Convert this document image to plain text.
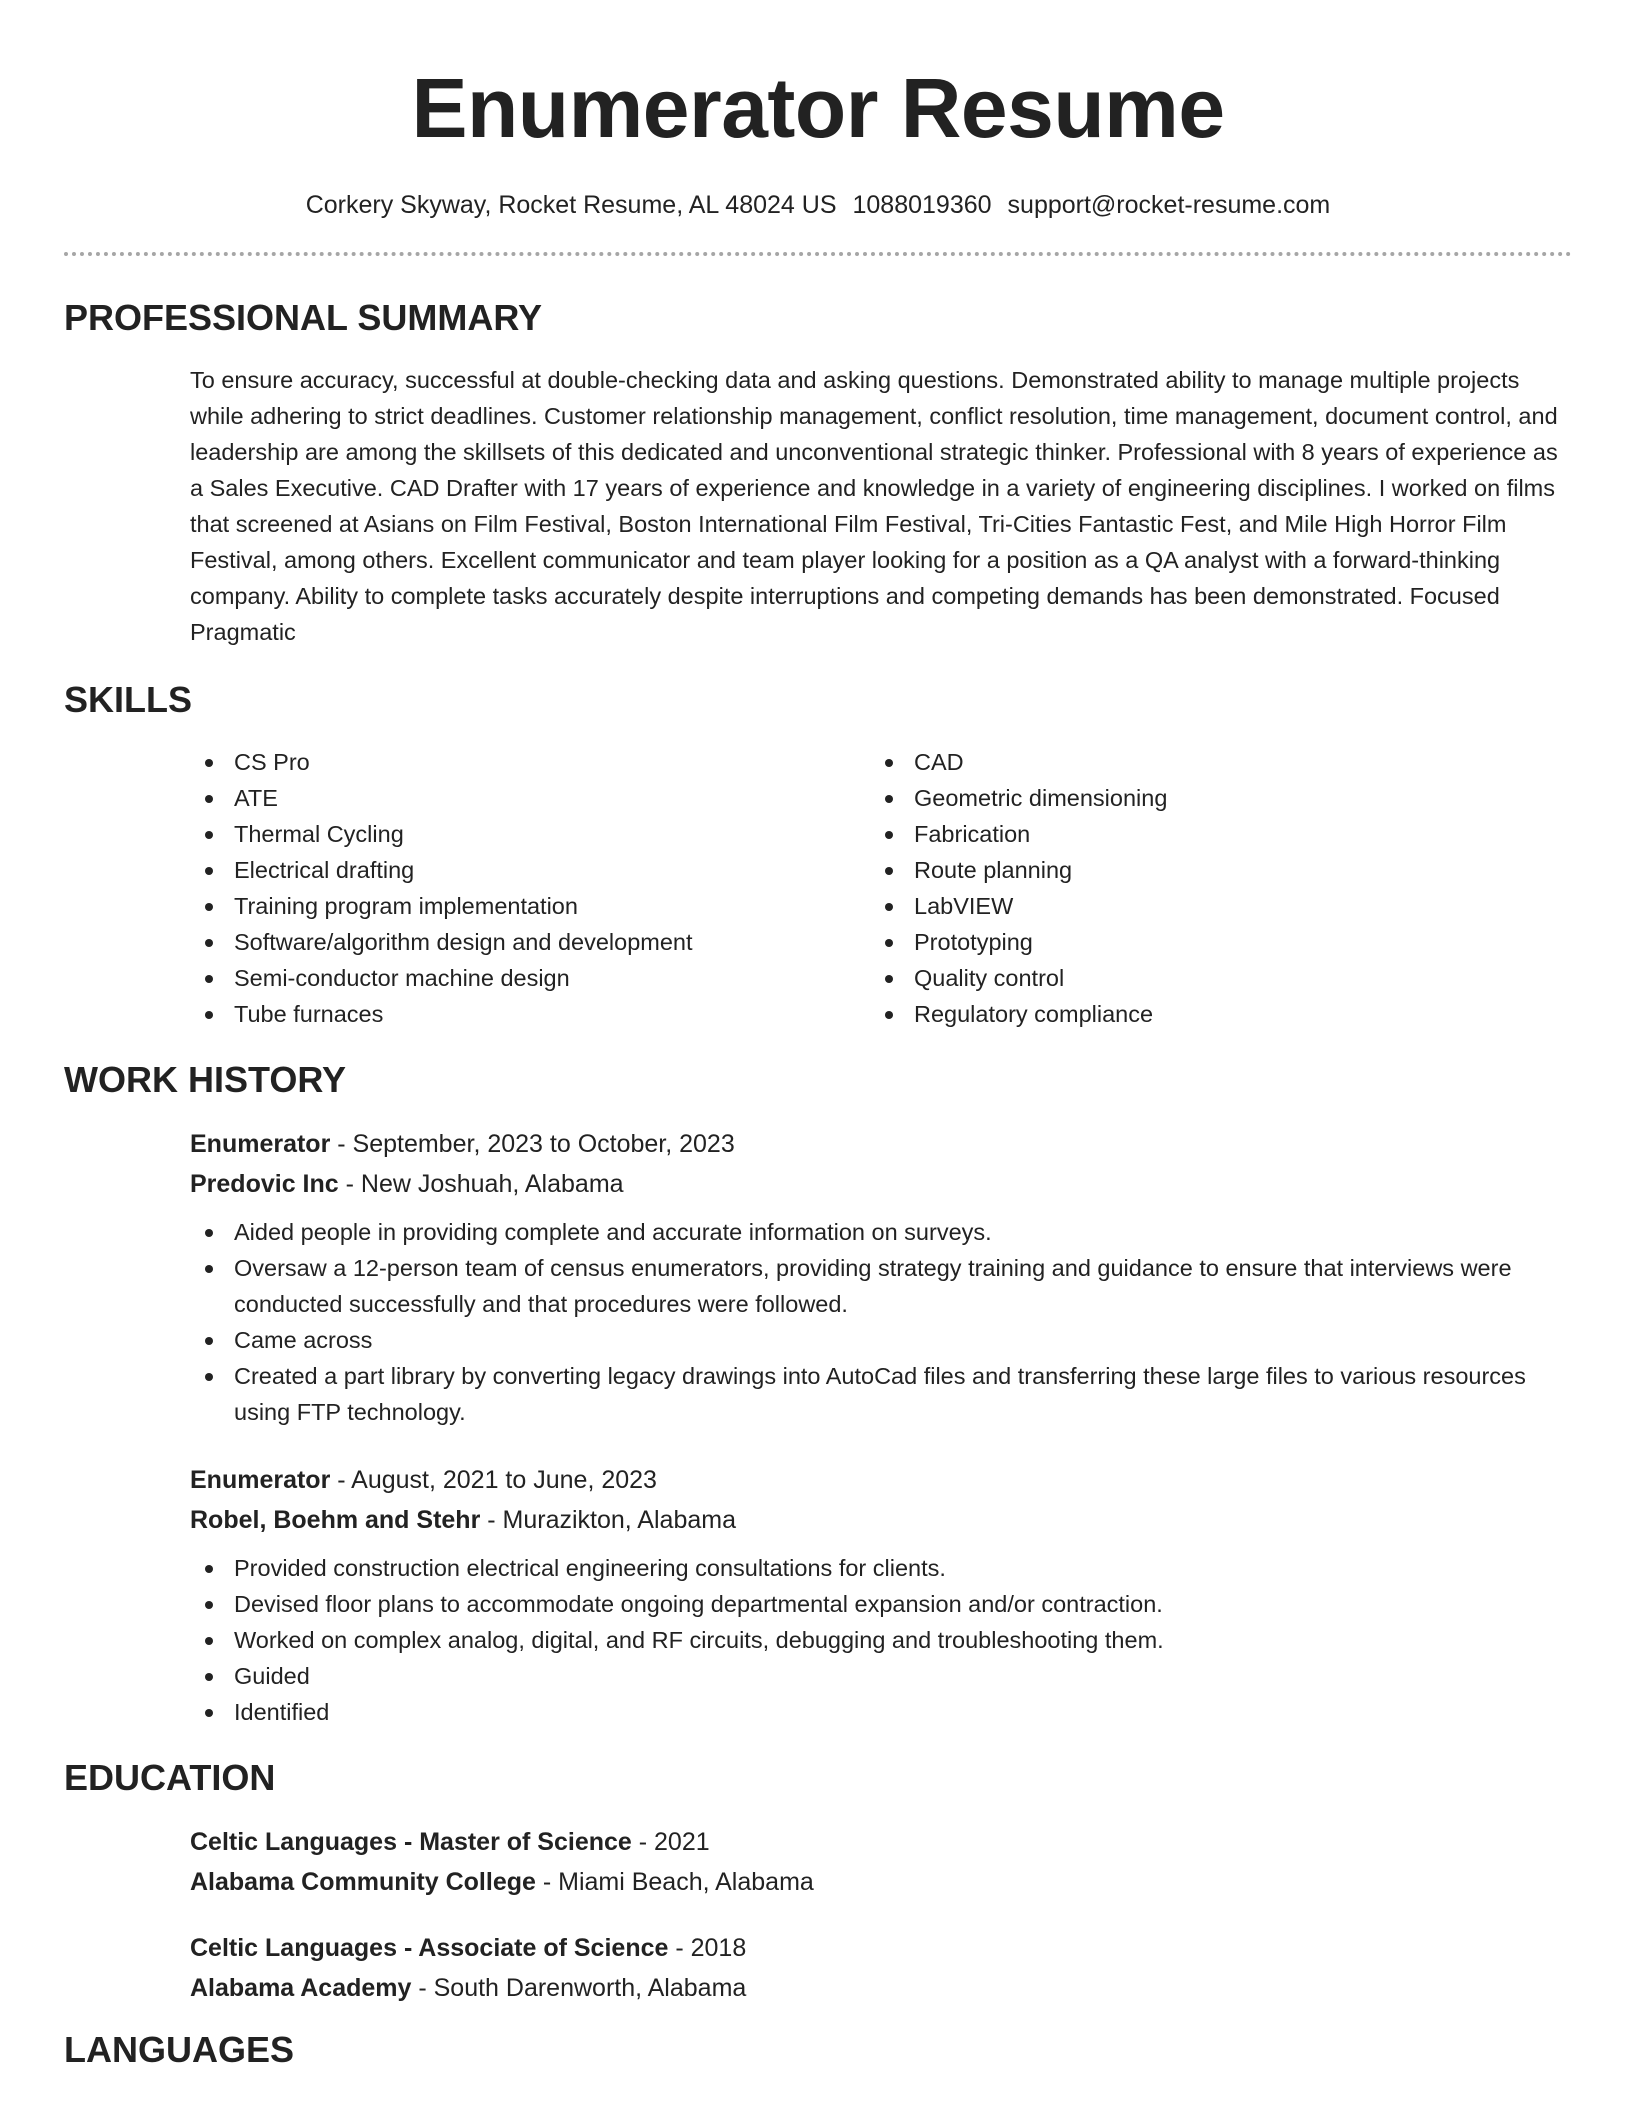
Enumerator Resume
Corkery Skyway, Rocket Resume, AL 48024 US 1088019360 support@rocket-resume.com
PROFESSIONAL SUMMARY
To ensure accuracy, successful at double-checking data and asking questions. Demonstrated ability to manage multiple projects while adhering to strict deadlines. Customer relationship management, conflict resolution, time management, document control, and leadership are among the skillsets of this dedicated and unconventional strategic thinker. Professional with 8 years of experience as a Sales Executive. CAD Drafter with 17 years of experience and knowledge in a variety of engineering disciplines. I worked on films that screened at Asians on Film Festival, Boston International Film Festival, Tri-Cities Fantastic Fest, and Mile High Horror Film Festival, among others. Excellent communicator and team player looking for a position as a QA analyst with a forward-thinking company. Ability to complete tasks accurately despite interruptions and competing demands has been demonstrated. Focused Pragmatic
SKILLS
CS Pro
ATE
Thermal Cycling
Electrical drafting
Training program implementation
Software/algorithm design and development
Semi-conductor machine design
Tube furnaces
CAD
Geometric dimensioning
Fabrication
Route planning
LabVIEW
Prototyping
Quality control
Regulatory compliance
WORK HISTORY
Enumerator - September, 2023 to October, 2023
Predovic Inc - New Joshuah, Alabama
Aided people in providing complete and accurate information on surveys.
Oversaw a 12-person team of census enumerators, providing strategy training and guidance to ensure that interviews were conducted successfully and that procedures were followed.
Came across
Created a part library by converting legacy drawings into AutoCad files and transferring these large files to various resources using FTP technology.
Enumerator - August, 2021 to June, 2023
Robel, Boehm and Stehr - Murazikton, Alabama
Provided construction electrical engineering consultations for clients.
Devised floor plans to accommodate ongoing departmental expansion and/or contraction.
Worked on complex analog, digital, and RF circuits, debugging and troubleshooting them.
Guided
Identified
EDUCATION
Celtic Languages - Master of Science - 2021
Alabama Community College - Miami Beach, Alabama
Celtic Languages - Associate of Science - 2018
Alabama Academy - South Darenworth, Alabama
LANGUAGES
